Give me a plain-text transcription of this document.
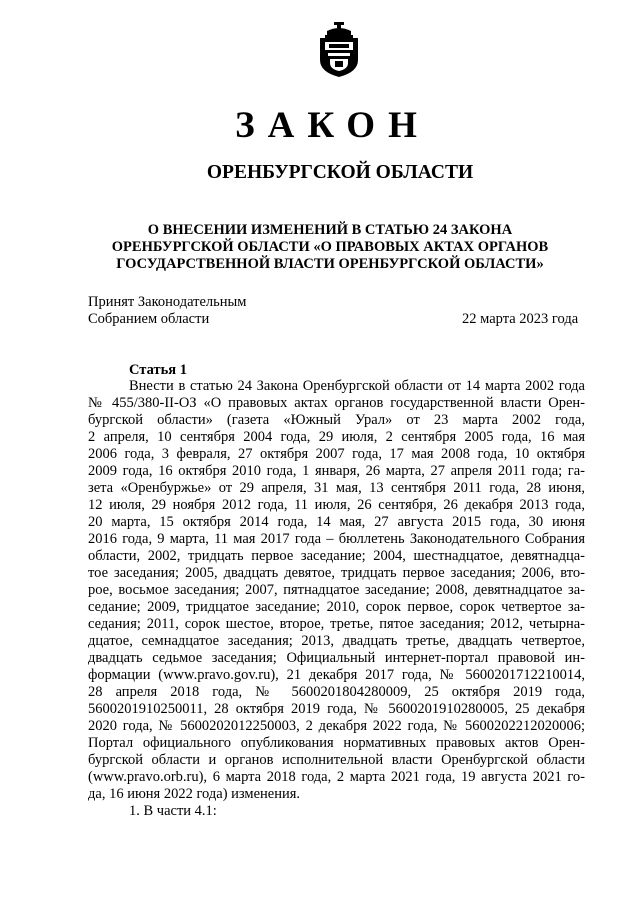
ЗАКОН
ОРЕНБУРГСКОЙ ОБЛАСТИ
О ВНЕСЕНИИ ИЗМЕНЕНИЙ В СТАТЬЮ 24 ЗАКОНА
ОРЕНБУРГСКОЙ ОБЛАСТИ «О ПРАВОВЫХ АКТАХ ОРГАНОВ
ГОСУДАРСТВЕННОЙ ВЛАСТИ ОРЕНБУРГСКОЙ ОБЛАСТИ»
Принят Законодательным
Собранием области	22 марта 2023 года
Статья 1
Внести в статью 24 Закона Оренбургской области от 14 марта 2002 года
№ 455/380-II-ОЗ «О правовых актах органов государственной власти Орен-
бургской области» (газета «Южный Урал» от 23 марта 2002 года,
2 апреля, 10 сентября 2004 года, 29 июля, 2 сентября 2005 года, 16 мая
2006 года, 3 февраля, 27 октября 2007 года, 17 мая 2008 года, 10 октября
2009 года, 16 октября 2010 года, 1 января, 26 марта, 27 апреля 2011 года; га-
зета «Оренбуржье» от 29 апреля, 31 мая, 13 сентября 2011 года, 28 июня,
12 июля, 29 ноября 2012 года, 11 июля, 26 сентября, 26 декабря 2013 года,
20 марта, 15 октября 2014 года, 14 мая, 27 августа 2015 года, 30 июня
2016 года, 9 марта, 11 мая 2017 года – бюллетень Законодательного Собрания
области, 2002, тридцать первое заседание; 2004, шестнадцатое, девятнадца-
тое заседания; 2005, двадцать девятое, тридцать первое заседания; 2006, вто-
рое, восьмое заседания; 2007, пятнадцатое заседание; 2008, девятнадцатое за-
седание; 2009, тридцатое заседание; 2010, сорок первое, сорок четвертое за-
седания; 2011, сорок шестое, второе, третье, пятое заседания; 2012, четырна-
дцатое, семнадцатое заседания; 2013, двадцать третье, двадцать четвертое,
двадцать седьмое заседания; Официальный интернет-портал правовой ин-
формации (www.pravo.gov.ru), 21 декабря 2017 года, № 5600201712210014,
28 апреля 2018 года, № 5600201804280009, 25 октября 2019 года,
5600201910250011, 28 октября 2019 года, № 5600201910280005, 25 декабря
2020 года, № 5600202012250003, 2 декабря 2022 года, № 5600202212020006;
Портал официального опубликования нормативных правовых актов Орен-
бургской области и органов исполнительной власти Оренбургской области
(www.pravo.orb.ru), 6 марта 2018 года, 2 марта 2021 года, 19 августа 2021 го-
да, 16 июня 2022 года) изменения.
1. В части 4.1:
